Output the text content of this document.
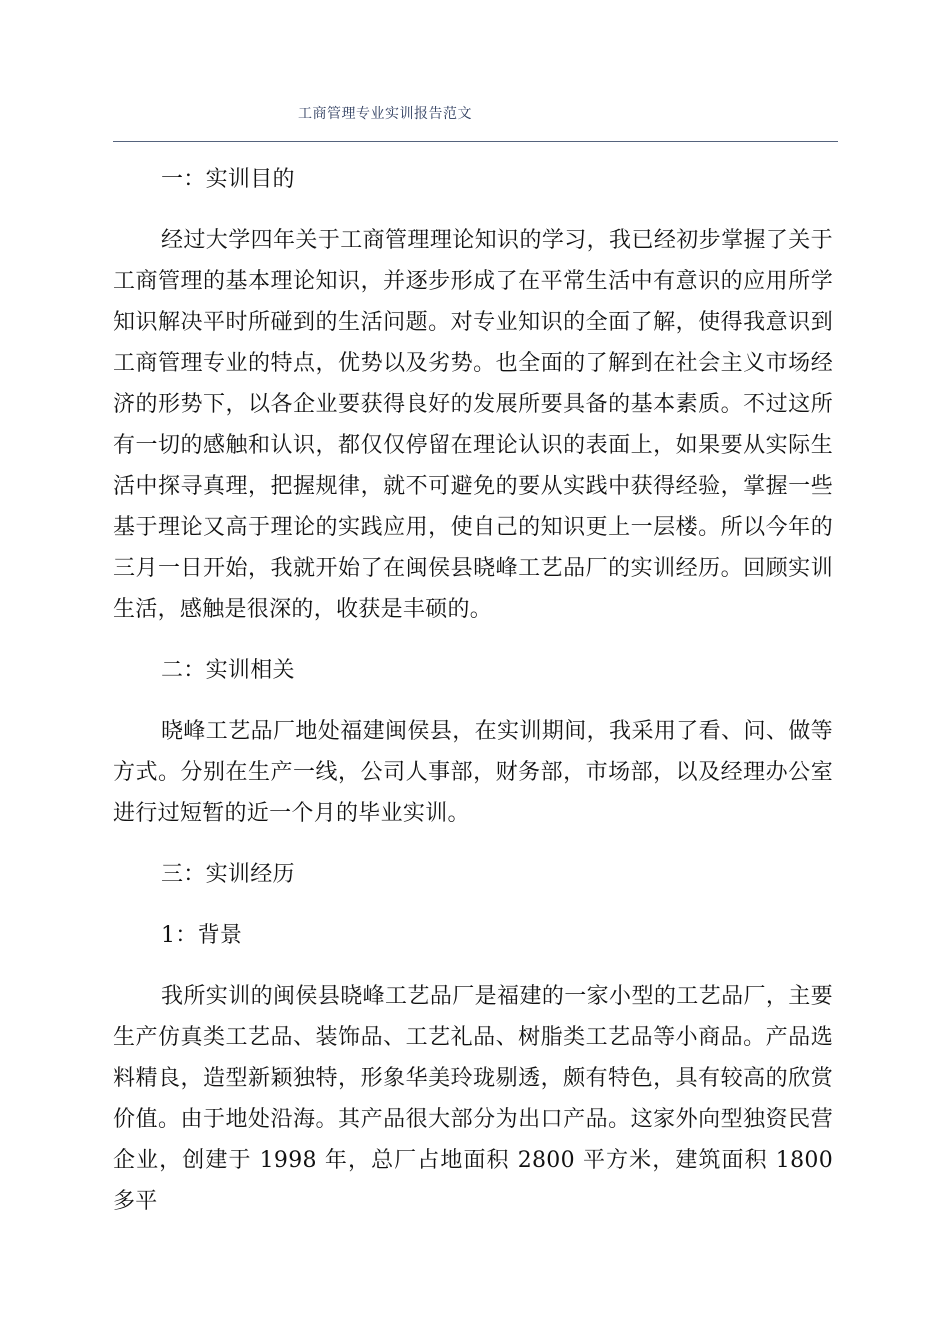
工商管理专业实训报告范文

一：实训目的

经过大学四年关于工商管理理论知识的学习，我已经初步掌握了关于工商管理的基本理论知识，并逐步形成了在平常生活中有意识的应用所学知识解决平时所碰到的生活问题。对专业知识的全面了解，使得我意识到工商管理专业的特点，优势以及劣势。也全面的了解到在社会主义市场经济的形势下，以各企业要获得良好的发展所要具备的基本素质。不过这所有一切的感触和认识，都仅仅停留在理论认识的表面上，如果要从实际生活中探寻真理，把握规律，就不可避免的要从实践中获得经验，掌握一些基于理论又高于理论的实践应用，使自己的知识更上一层楼。所以今年的三月一日开始，我就开始了在闽侯县晓峰工艺品厂的实训经历。回顾实训生活，感触是很深的，收获是丰硕的。

二：实训相关

晓峰工艺品厂地处福建闽侯县，在实训期间，我采用了看、问、做等方式。分别在生产一线，公司人事部，财务部，市场部，以及经理办公室进行过短暂的近一个月的毕业实训。

三：实训经历

1：背景

我所实训的闽侯县晓峰工艺品厂是福建的一家小型的工艺品厂，主要生产仿真类工艺品、装饰品、工艺礼品、树脂类工艺品等小商品。产品选料精良，造型新颖独特，形象华美玲珑剔透，颇有特色，具有较高的欣赏价值。由于地处沿海。其产品很大部分为出口产品。这家外向型独资民营企业，创建于 1998 年，总厂占地面积 2800 平方米，建筑面积 1800 多平
